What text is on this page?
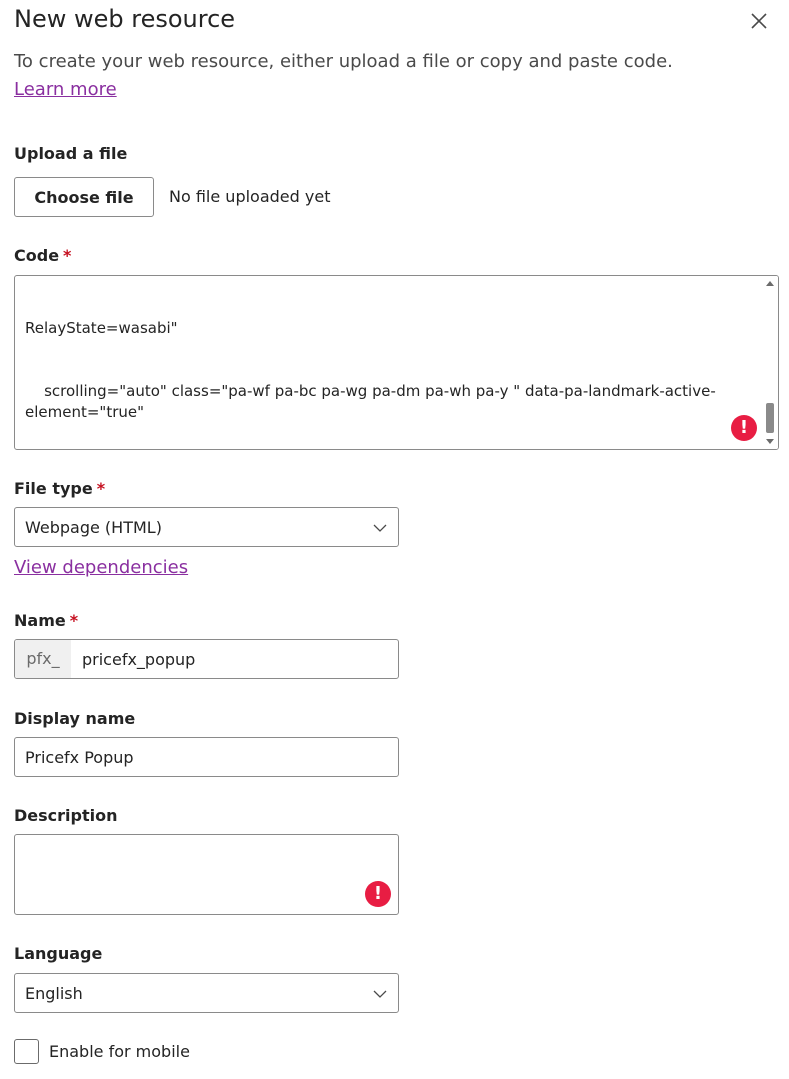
New web resource
To create your web resource, either upload a file or copy and paste code.
Learn more
Upload a file
Choose file No file uploaded yet
Code *

RelayState=wasabi"

scrolling="auto" class="pa-wf pa-bc pa-wg pa-dm pa-wh pa-y " data-pa-landmark-active-element="true"

!
File type *
Webpage (HTML)
View dependencies
Name *
pfx_	pricefx_popup
Display name
Pricefx Popup
Description
!
Language
English
Enable for mobile
